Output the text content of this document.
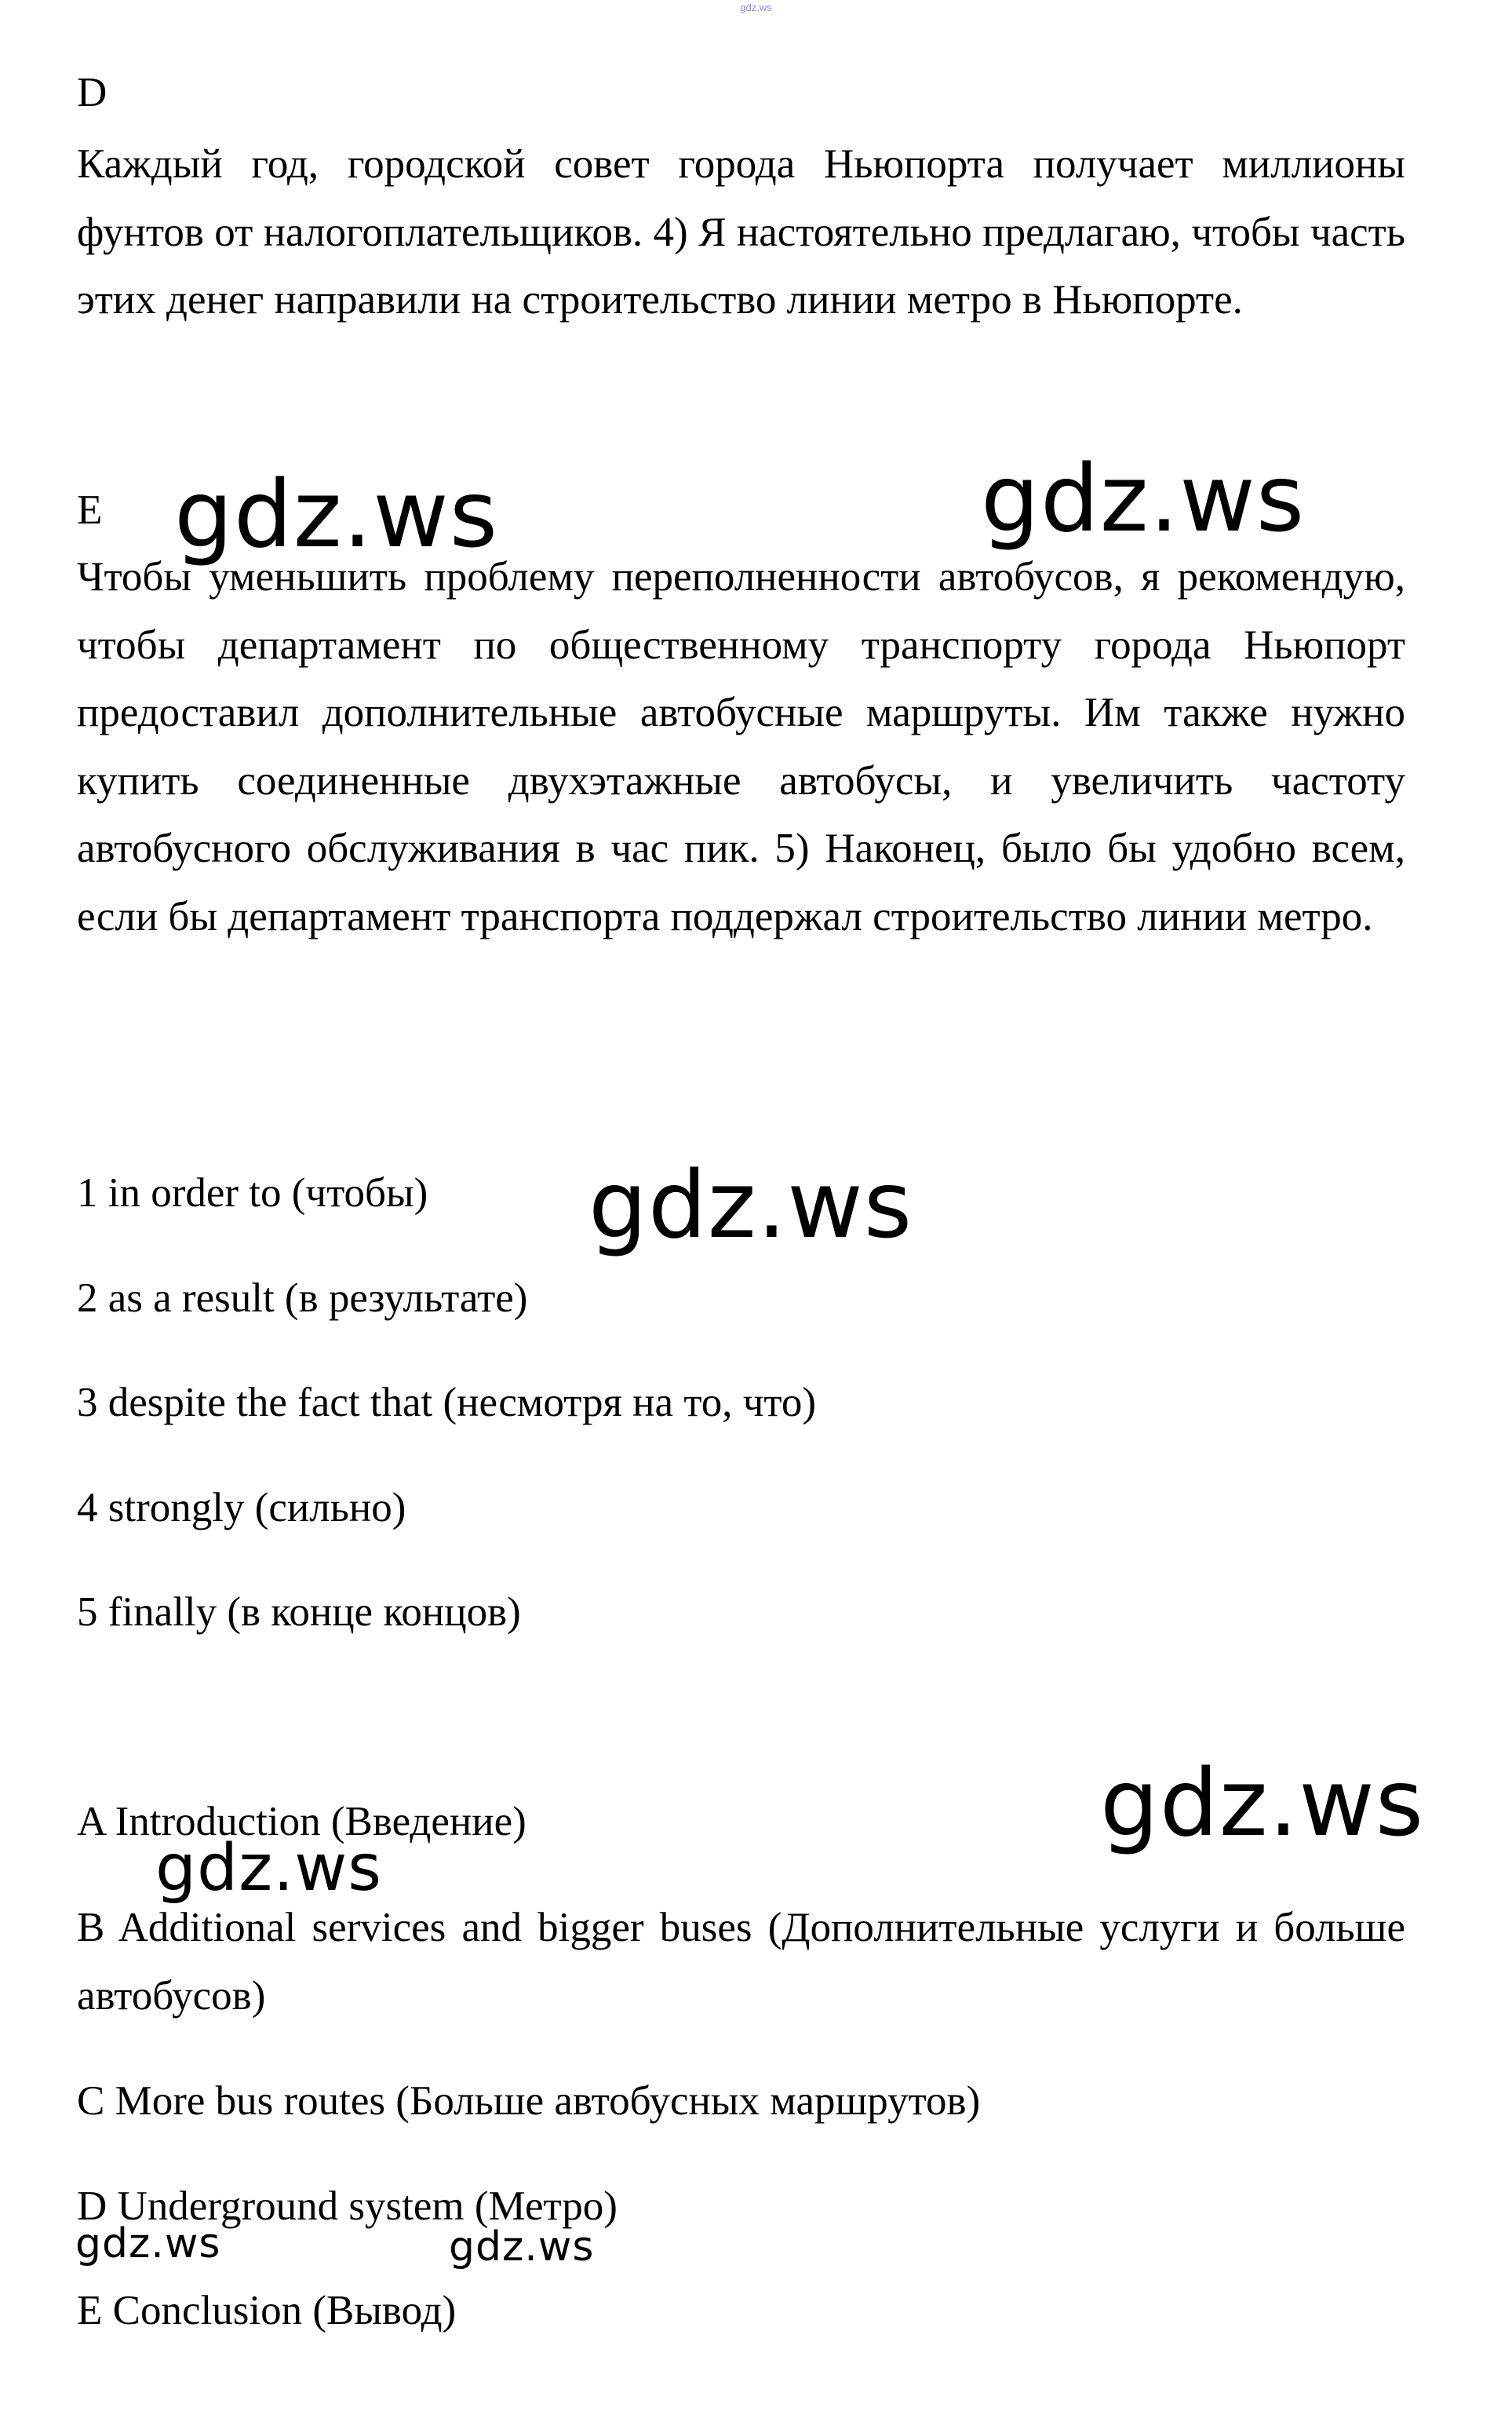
gdz.ws
D
Каждый год, городской совет города Ньюпорта получает миллионы фунтов от налогоплательщиков. 4) Я настоятельно предлагаю, чтобы часть этих денег направили на строительство линии метро в Ньюпорте.
E
Чтобы уменьшить проблему переполненности автобусов, я рекомендую, чтобы департамент по общественному транспорту города Ньюпорт предоставил дополнительные автобусные маршруты. Им также нужно купить соединенные двухэтажные автобусы, и увеличить частоту автобусного обслуживания в час пик. 5) Наконец, было бы удобно всем, если бы департамент транспорта поддержал строительство линии метро.
1 in order to (чтобы)
2 as a result (в результате)
3 despite the fact that (несмотря на то, что)
4 strongly (сильно)
5 finally (в конце концов)
A Introduction (Введение)
B Additional services and bigger buses (Дополнительные услуги и больше автобусов)
C More bus routes (Больше автобусных маршрутов)
D Underground system (Метро)
E Conclusion (Вывод)
gdz.ws	gdz.ws
gdz.ws
gdz.ws
gdz.ws
gdz.ws	gdz.ws
